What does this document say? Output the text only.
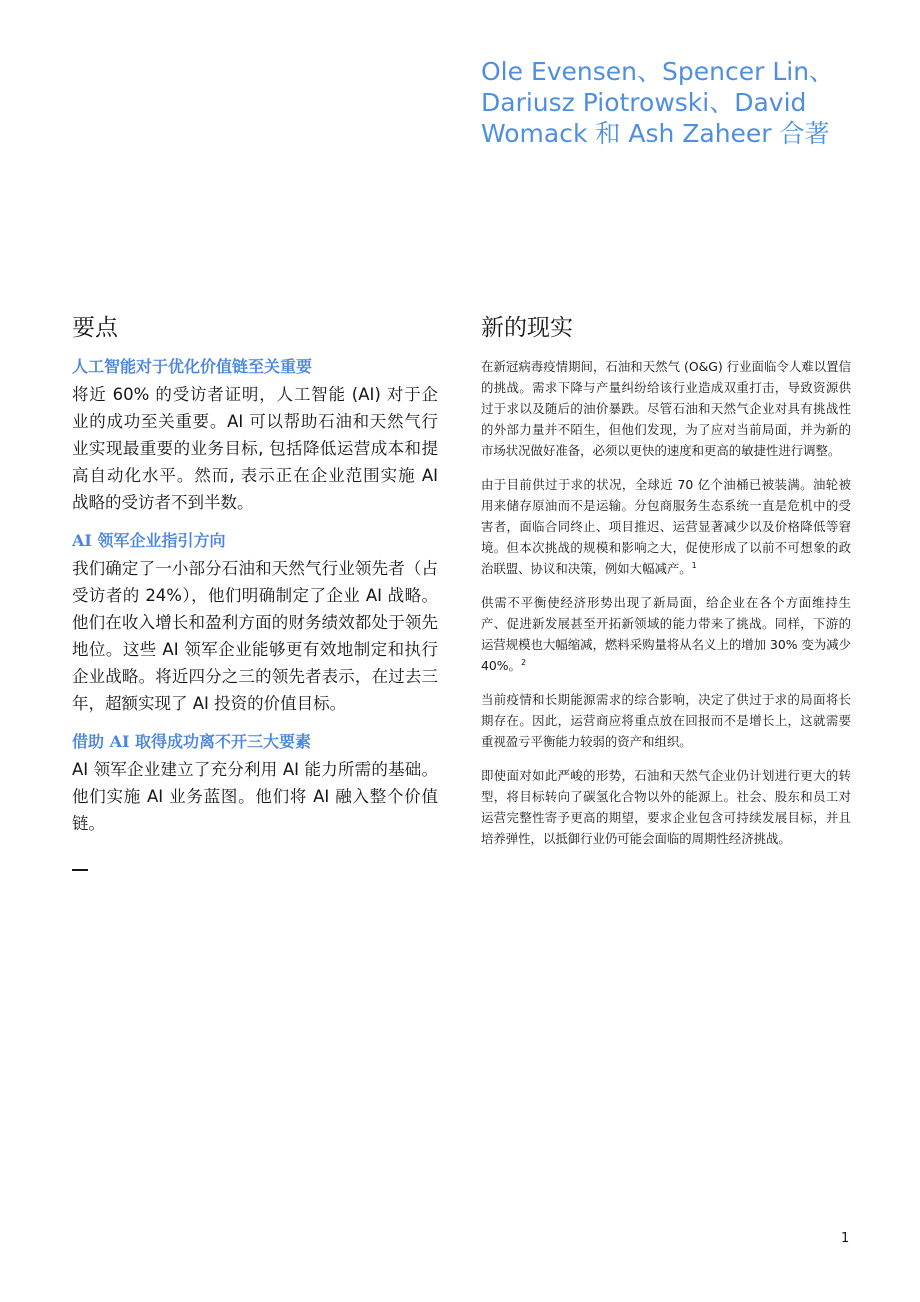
Ole Evensen、Spencer Lin、Dariusz Piotrowski、David Womack 和 Ash Zaheer 合著
要点
人工智能对于优化价值链至关重要

将近 60% 的受访者证明，人工智能 (AI) 对于企业的成功至关重要。AI 可以帮助石油和天然气行业实现最重要的业务目标, 包括降低运营成本和提高自动化水平。然而, 表示正在企业范围实施 AI 战略的受访者不到半数。

AI 领军企业指引方向

我们确定了一小部分石油和天然气行业领先者（占受访者的 24%），他们明确制定了企业 AI 战略。他们在收入增长和盈利方面的财务绩效都处于领先地位。这些 AI 领军企业能够更有效地制定和执行企业战略。将近四分之三的领先者表示，在过去三年，超额实现了 AI 投资的价值目标。

借助 AI 取得成功离不开三大要素

AI 领军企业建立了充分利用 AI 能力所需的基础。他们实施 AI 业务蓝图。他们将 AI 融入整个价值链。

新的现实

在新冠病毒疫情期间，石油和天然气 (O&G) 行业面临令人难以置信的挑战。需求下降与产量纠纷给该行业造成双重打击，导致资源供过于求以及随后的油价暴跌。尽管石油和天然气企业对具有挑战性的外部力量并不陌生，但他们发现，为了应对当前局面，并为新的市场状况做好准备，必须以更快的速度和更高的敏捷性进行调整。

由于目前供过于求的状况，全球近 70 亿个油桶已被装满。油轮被用来储存原油而不是运输。分包商服务生态系统一直是危机中的受害者，面临合同终止、项目推迟、运营显著减少以及价格降低等窘境。但本次挑战的规模和影响之大，促使形成了以前不可想象的政治联盟、协议和决策，例如大幅减产。$^1$

供需不平衡使经济形势出现了新局面，给企业在各个方面维持生产、促进新发展甚至开拓新领域的能力带来了挑战。同样，下游的运营规模也大幅缩减，燃料采购量将从名义上的增加 30% 变为减少 40%。$^2$

当前疫情和长期能源需求的综合影响，决定了供过于求的局面将长期存在。因此，运营商应将重点放在回报而不是增长上，这就需要重视盈亏平衡能力较弱的资产和组织。

即使面对如此严峻的形势，石油和天然气企业仍计划进行更大的转型，将目标转向了碳氢化合物以外的能源上。社会、股东和员工对运营完整性寄予更高的期望，要求企业包含可持续发展目标，并且培养弹性，以抵御行业仍可能会面临的周期性经济挑战。

1
